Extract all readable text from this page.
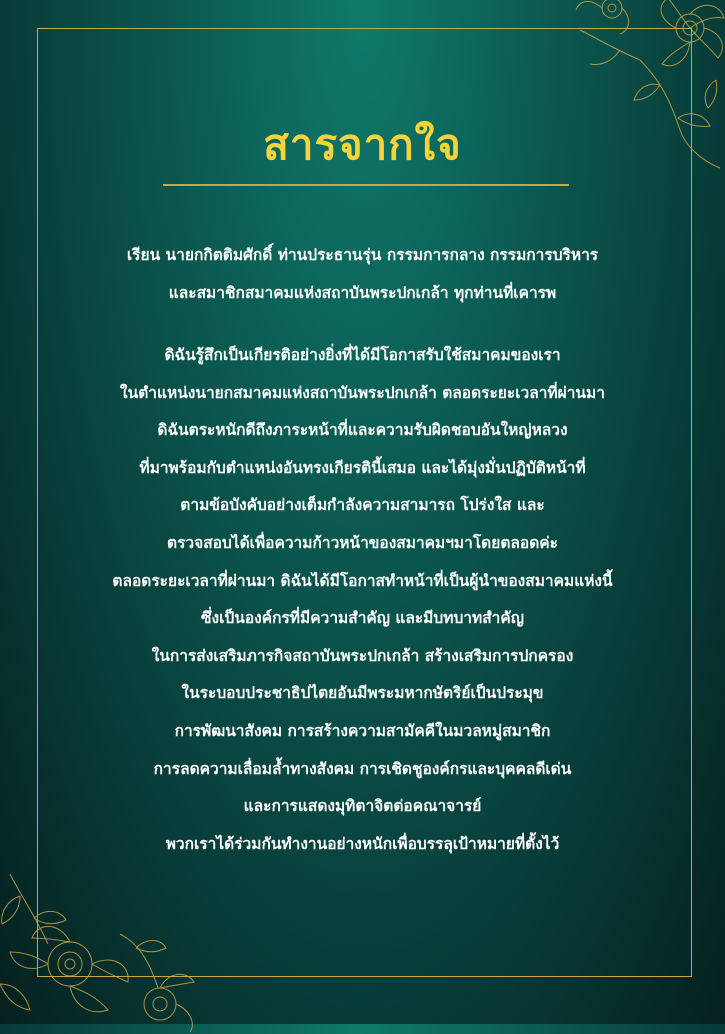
สารจากใจ
เรียน นายกกิตติมศักดิ์ ท่านประธานรุ่น กรรมการกลาง กรรมการบริหาร
และสมาชิกสมาคมแห่งสถาบันพระปกเกล้า ทุกท่านที่เคารพ
ดิฉันรู้สึกเป็นเกียรติอย่างยิ่งที่ได้มีโอกาสรับใช้สมาคมของเรา
ในตำแหน่งนายกสมาคมแห่งสถาบันพระปกเกล้า ตลอดระยะเวลาที่ผ่านมา
ดิฉันตระหนักดีถึงภาระหน้าที่และความรับผิดชอบอันใหญ่หลวง
ที่มาพร้อมกับตำแหน่งอันทรงเกียรตินี้เสมอ และได้มุ่งมั่นปฏิบัติหน้าที่
ตามข้อบังคับอย่างเต็มกำลังความสามารถ โปร่งใส และ
ตรวจสอบได้เพื่อความก้าวหน้าของสมาคมฯมาโดยตลอดค่ะ
ตลอดระยะเวลาที่ผ่านมา ดิฉันได้มีโอกาสทำหน้าที่เป็นผู้นำของสมาคมแห่งนี้
ซึ่งเป็นองค์กรที่มีความสำคัญ และมีบทบาทสำคัญ
ในการส่งเสริมภารกิจสถาบันพระปกเกล้า สร้างเสริมการปกครอง
ในระบอบประชาธิปไตยอันมีพระมหากษัตริย์เป็นประมุข
การพัฒนาสังคม การสร้างความสามัคคีในมวลหมู่สมาชิก
การลดความเลื่อมล้ำทางสังคม การเชิดชูองค์กรและบุคคลดีเด่น
และการแสดงมุทิตาจิตต่อคณาจารย์
พวกเราได้ร่วมกันทำงานอย่างหนักเพื่อบรรลุเป้าหมายที่ตั้งไว้
